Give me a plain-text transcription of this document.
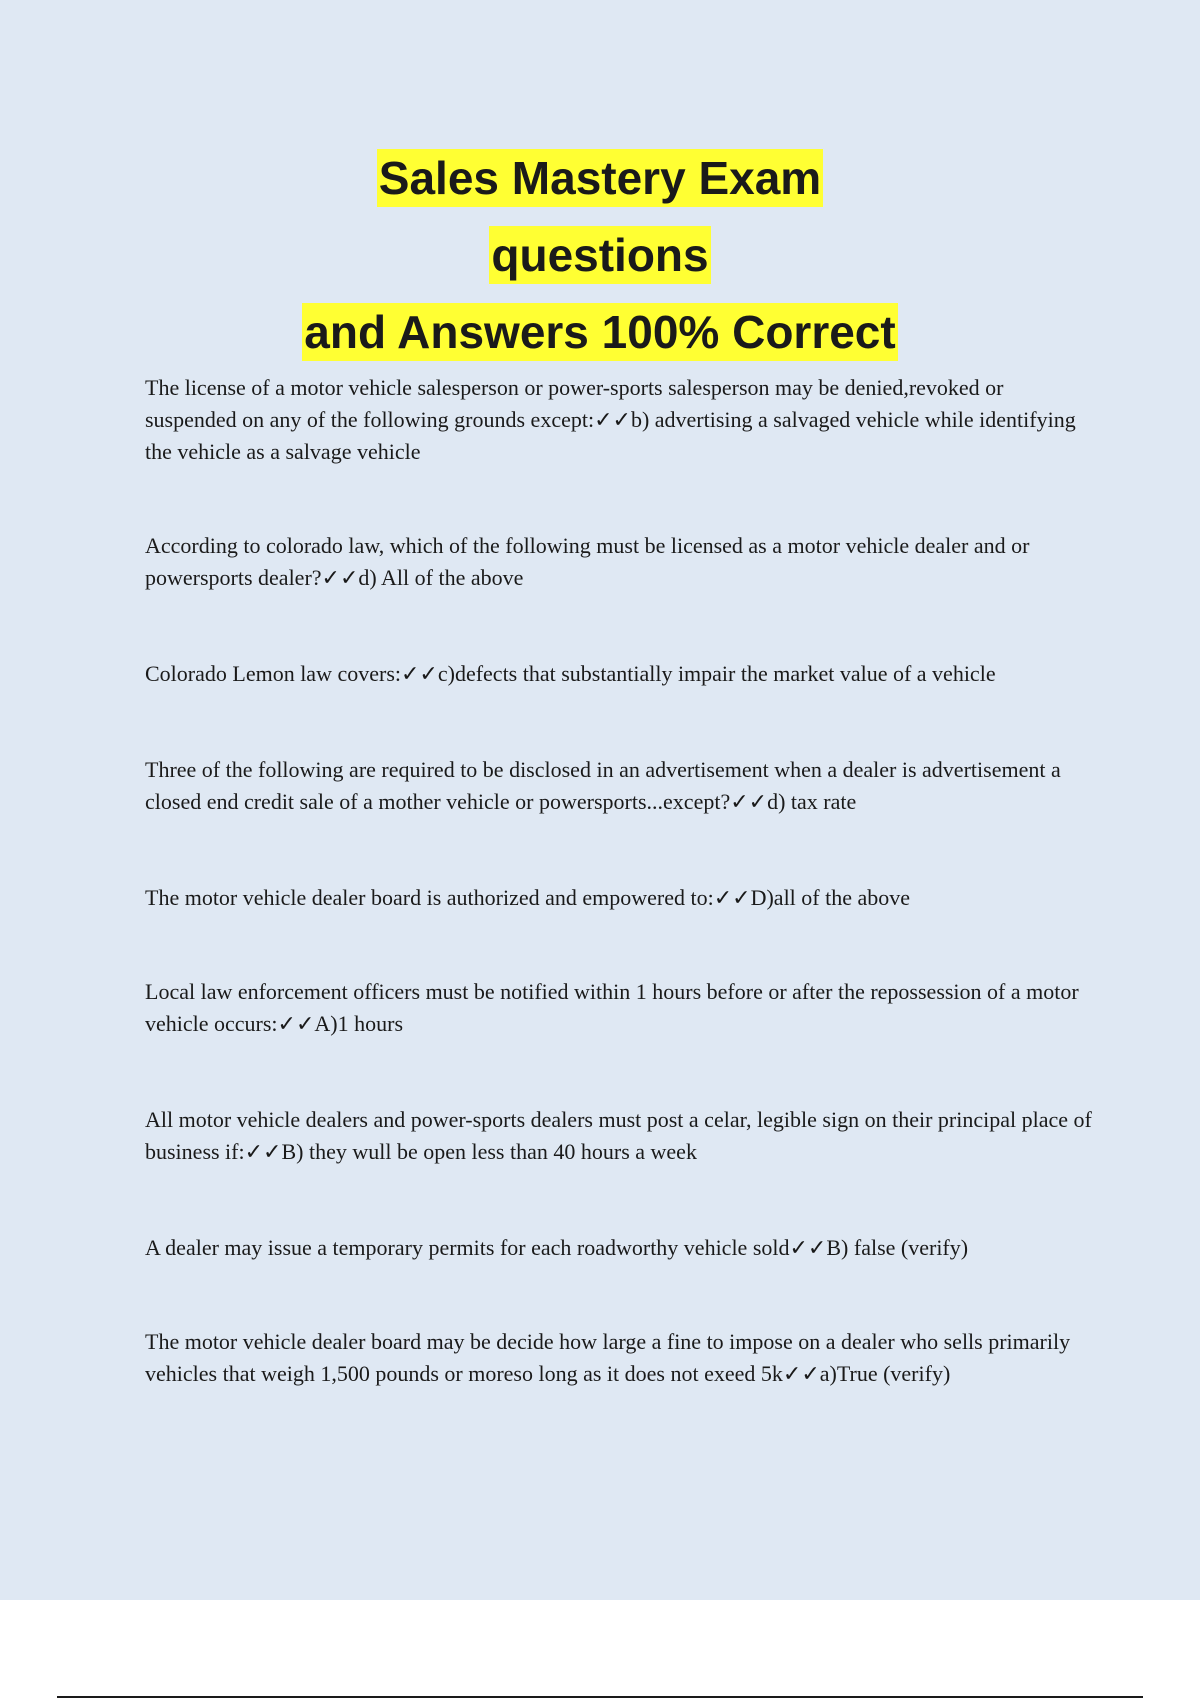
Sales Mastery Exam
questions
and Answers 100% Correct

The license of a motor vehicle salesperson or power-sports salesperson may be denied,revoked or suspended on any of the following grounds except:✓✓b) advertising a salvaged vehicle while identifying the vehicle as a salvage vehicle

According to colorado law, which of the following must be licensed as a motor vehicle dealer and or powersports dealer?✓✓d) All of the above

Colorado Lemon law covers:✓✓c)defects that substantially impair the market value of a vehicle

Three of the following are required to be disclosed in an advertisement when a dealer is advertisement a closed end credit sale of a mother vehicle or powersports...except?✓✓d) tax rate

The motor vehicle dealer board is authorized and empowered to:✓✓D)all of the above

Local law enforcement officers must be notified within 1 hours before or after the repossession of a motor vehicle occurs:✓✓A)1 hours

All motor vehicle dealers and power-sports dealers must post a celar, legible sign on their principal place of business if:✓✓B) they wull be open less than 40 hours a week

A dealer may issue a temporary permits for each roadworthy vehicle sold✓✓B) false (verify)

The motor vehicle dealer board may be decide how large a fine to impose on a dealer who sells primarily vehicles that weigh 1,500 pounds or moreso long as it does not exeed 5k✓✓a)True (verify)
